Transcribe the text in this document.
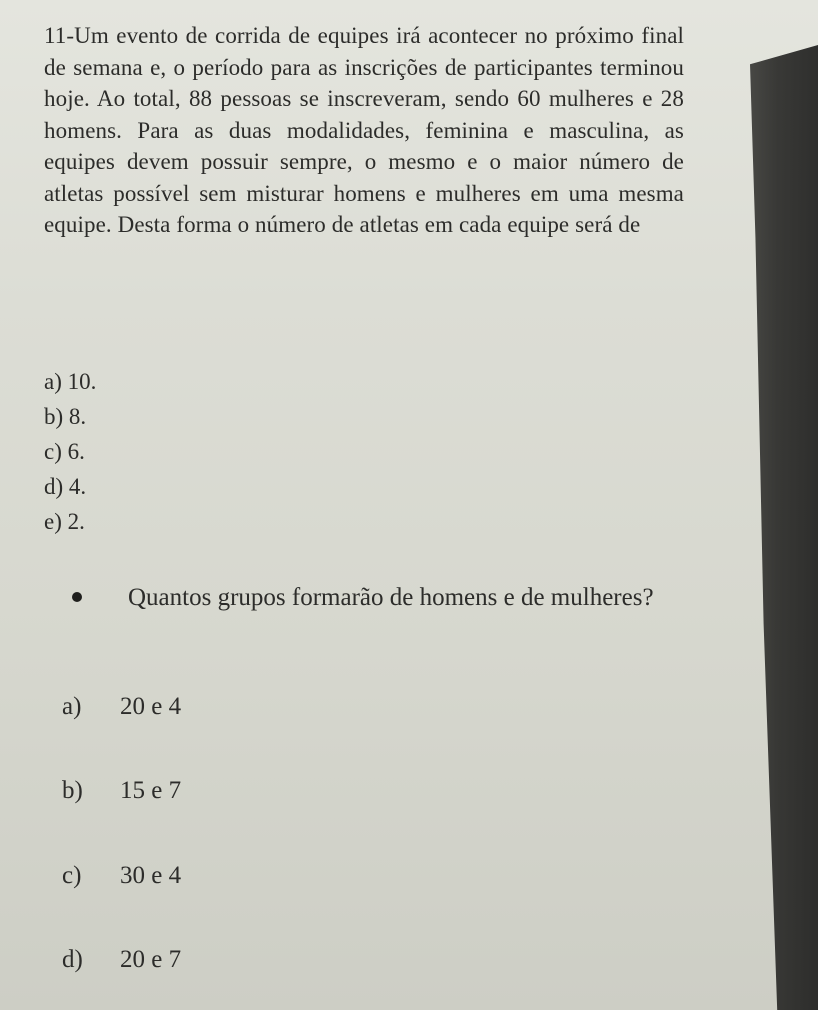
11-Um evento de corrida de equipes irá acontecer no próximo final de semana e, o período para as inscrições de participantes terminou hoje. Ao total, 88 pessoas se inscreveram, sendo 60 mulheres e 28 homens. Para as duas modalidades, feminina e masculina, as equipes devem possuir sempre, o mesmo e o maior número de atletas possível sem misturar homens e mulheres em uma mesma equipe. Desta forma o número de atletas em cada equipe será de
a) 10.
b) 8.
c) 6.
d) 4.
e) 2.
Quantos grupos formarão de homens e de mulheres?
a) 20 e 4
b) 15 e 7
c) 30 e 4
d) 20 e 7
